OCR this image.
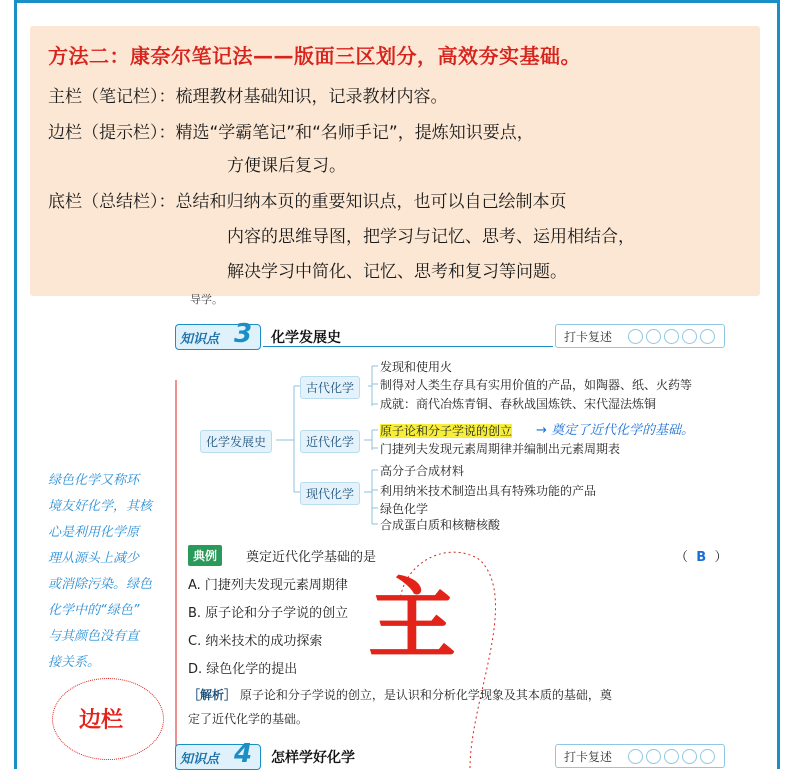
方法二：康奈尔笔记法——版面三区划分，高效夯实基础。
主栏（笔记栏）：梳理教材基础知识，记录教材内容。
边栏（提示栏）：精选“学霸笔记”和“名师手记”，提炼知识要点，
方便课后复习。
底栏（总结栏）：总结和归纳本页的重要知识点，也可以自己绘制本页
内容的思维导图，把学习与记忆、思考、运用相结合，
解决学习中简化、记忆、思考和复习等问题。
导学。
知识点 3 化学发展史	打卡复述
化学发展史
古代化学
近代化学
现代化学
发现和使用火
制得对人类生存具有实用价值的产品，如陶器、纸、火药等
成就：商代冶炼青铜、春秋战国炼铁、宋代湿法炼铜
原子论和分子学说的创立 → 奠定了近代化学的基础。
门捷列夫发现元素周期律并编制出元素周期表
高分子合成材料
利用纳米技术制造出具有特殊功能的产品
绿色化学
合成蛋白质和核糖核酸
绿色化学又称环
境友好化学，其核
心是利用化学原
理从源头上减少
或消除污染。绿色
化学中的“绿色”
与其颜色没有直
接关系。
典例	奠定近代化学基础的是	（ B ）
A. 门捷列夫发现元素周期律
B. 原子论和分子学说的创立
C. 纳米技术的成功探索
D. 绿色化学的提出
［解析］ 原子论和分子学说的创立，是认识和分析化学现象及其本质的基础，奠
定了近代化学的基础。
主
边栏
知识点 4 怎样学好化学	打卡复述
